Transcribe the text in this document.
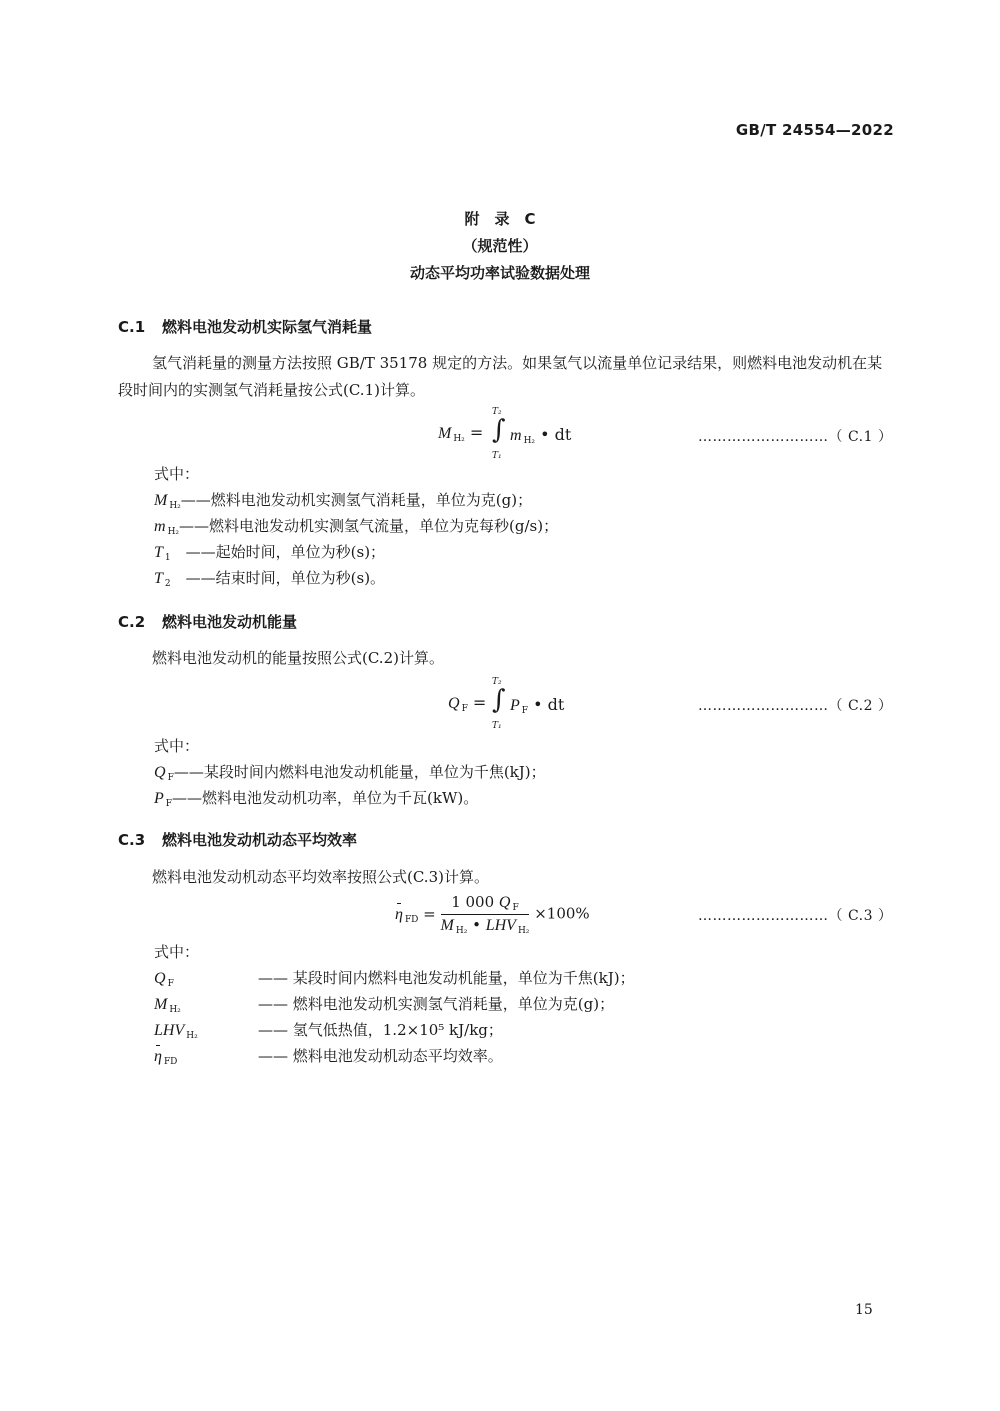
GB/T 24554—2022
附　录　C
（规范性）
动态平均功率试验数据处理
C.1 燃料电池发动机实际氢气消耗量
氢气消耗量的测量方法按照 GB/T 35178 规定的方法。如果氢气以流量单位记录结果，则燃料电池发动机在某段时间内的实测氢气消耗量按公式(C.1)计算。
M $_{H_2}$ =
T₂
∫
T₁
m $_{H_2}$ • dt	………………………（ C.1 ）
式中：
M $_{H_2}$——燃料电池发动机实测氢气消耗量，单位为克(g)；
m $_{H_2}$——燃料电池发动机实测氢气流量，单位为克每秒(g/s)；
T $_1$　 ——起始时间，单位为秒(s)；
T $_2$　 ——结束时间，单位为秒(s)。
C.2 燃料电池发动机能量
燃料电池发动机的能量按照公式(C.2)计算。
Q $_F$ =
T₂
∫
T₁
P $_F$ • dt	………………………（ C.2 ）
式中：
Q $_F$——某段时间内燃料电池发动机能量，单位为千焦(kJ)；
P $_F$——燃料电池发动机功率，单位为千瓦(kW)。
C.3 燃料电池发动机动态平均效率
燃料电池发动机动态平均效率按照公式(C.3)计算。
η $_{FD} = \frac{1 000 Q _F}{M _{H_2} • LHV _{H_2}} \times 100\%$	………………………（ C.3 ）
式中：
Q $_F$	—— 某段时间内燃料电池发动机能量，单位为千焦(kJ)；
M $_{H_2}$	—— 燃料电池发动机实测氢气消耗量，单位为克(g)；
LHV $_{H_2}$	—— 氢气低热值，1.2×10⁵ kJ/kg；
η $_{FD}$	—— 燃料电池发动机动态平均效率。
15
